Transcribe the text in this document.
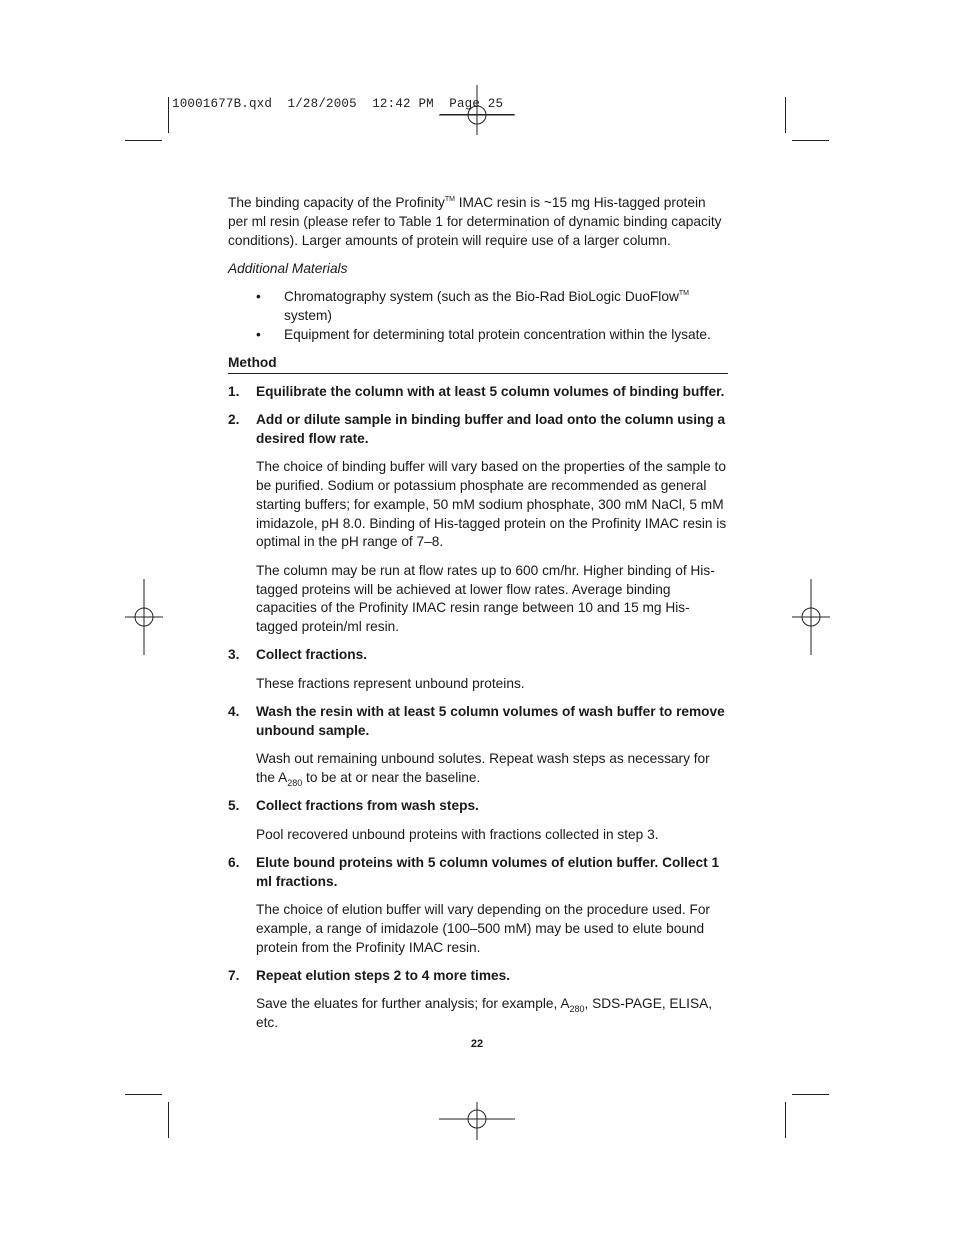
10001677B.qxd  1/28/2005  12:42 PM  Page 25

The binding capacity of the Profinity™ IMAC resin is ~15 mg His-tagged protein per ml resin (please refer to Table 1 for determination of dynamic binding capacity conditions). Larger amounts of protein will require use of a larger column.

Additional Materials

• Chromatography system (such as the Bio-Rad BioLogic DuoFlow™ system)
• Equipment for determining total protein concentration within the lysate.
Method
1. Equilibrate the column with at least 5 column volumes of binding buffer.
2. Add or dilute sample in binding buffer and load onto the column using a desired flow rate.

The choice of binding buffer will vary based on the properties of the sample to be purified. Sodium or potassium phosphate are recommended as general starting buffers; for example, 50 mM sodium phosphate, 300 mM NaCl, 5 mM imidazole, pH 8.0. Binding of His-tagged protein on the Profinity IMAC resin is optimal in the pH range of 7–8.

The column may be run at flow rates up to 600 cm/hr. Higher binding of His-tagged proteins will be achieved at lower flow rates. Average binding capacities of the Profinity IMAC resin range between 10 and 15 mg His-tagged protein/ml resin.

3. Collect fractions.

These fractions represent unbound proteins.

4. Wash the resin with at least 5 column volumes of wash buffer to remove unbound sample.

Wash out remaining unbound solutes. Repeat wash steps as necessary for the $A_{280}$ to be at or near the baseline.

5. Collect fractions from wash steps.

Pool recovered unbound proteins with fractions collected in step 3.

6. Elute bound proteins with 5 column volumes of elution buffer. Collect 1 ml fractions.

The choice of elution buffer will vary depending on the procedure used. For example, a range of imidazole (100–500 mM) may be used to elute bound protein from the Profinity IMAC resin.

7. Repeat elution steps 2 to 4 more times.

Save the eluates for further analysis; for example, $A_{280}$, SDS-PAGE, ELISA, etc.

22
